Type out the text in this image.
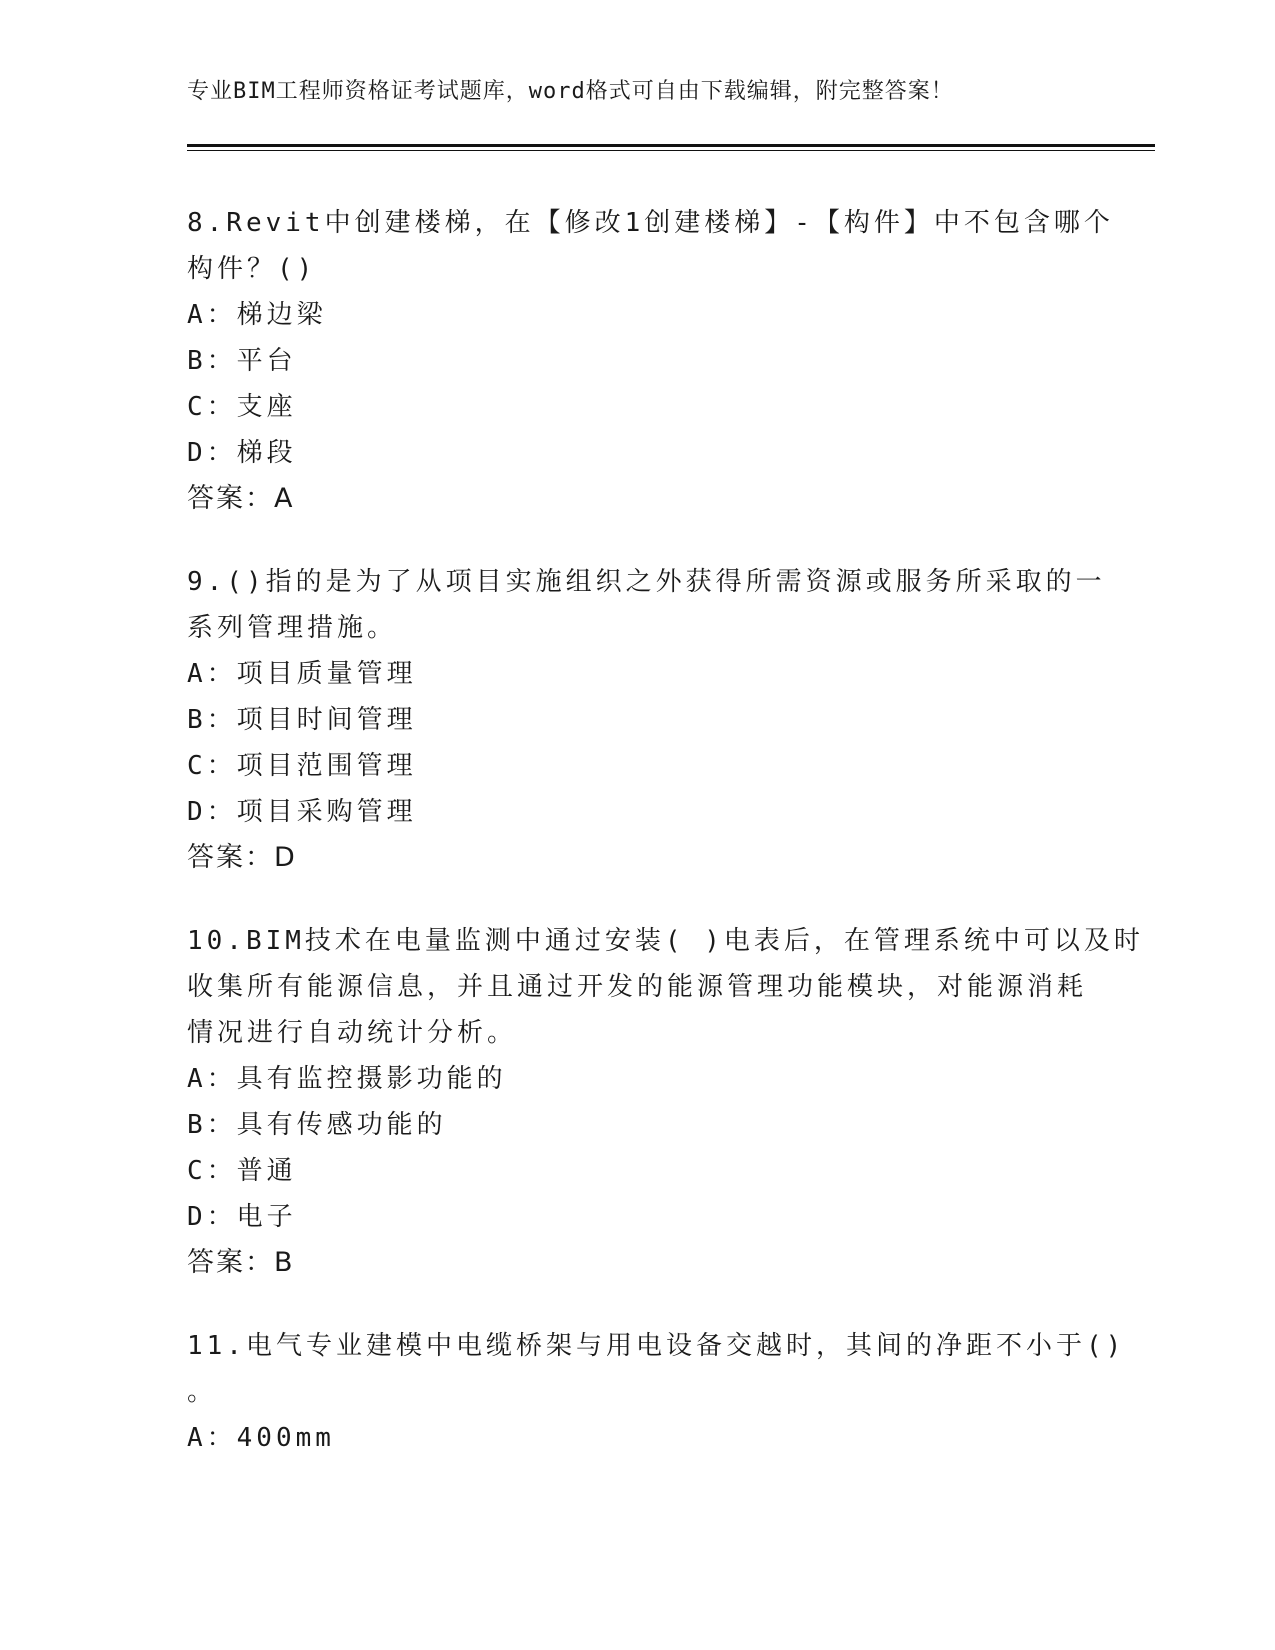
专业BIM工程师资格证考试题库，word格式可自由下载编辑，附完整答案！
8.Revit中创建楼梯，在【修改1创建楼梯】-【构件】中不包含哪个
构件？()
A：梯边梁
B：平台
C：支座
D：梯段
答案：A
9.()指的是为了从项目实施组织之外获得所需资源或服务所采取的一
系列管理措施。
A：项目质量管理
B：项目时间管理
C：项目范围管理
D：项目采购管理
答案：D
10.BIM技术在电量监测中通过安装( )电表后，在管理系统中可以及时
收集所有能源信息，并且通过开发的能源管理功能模块，对能源消耗
情况进行自动统计分析。
A：具有监控摄影功能的
B：具有传感功能的
C：普通
D：电子
答案：B
11.电气专业建模中电缆桥架与用电设备交越时，其间的净距不小于()
。
A：400mm
